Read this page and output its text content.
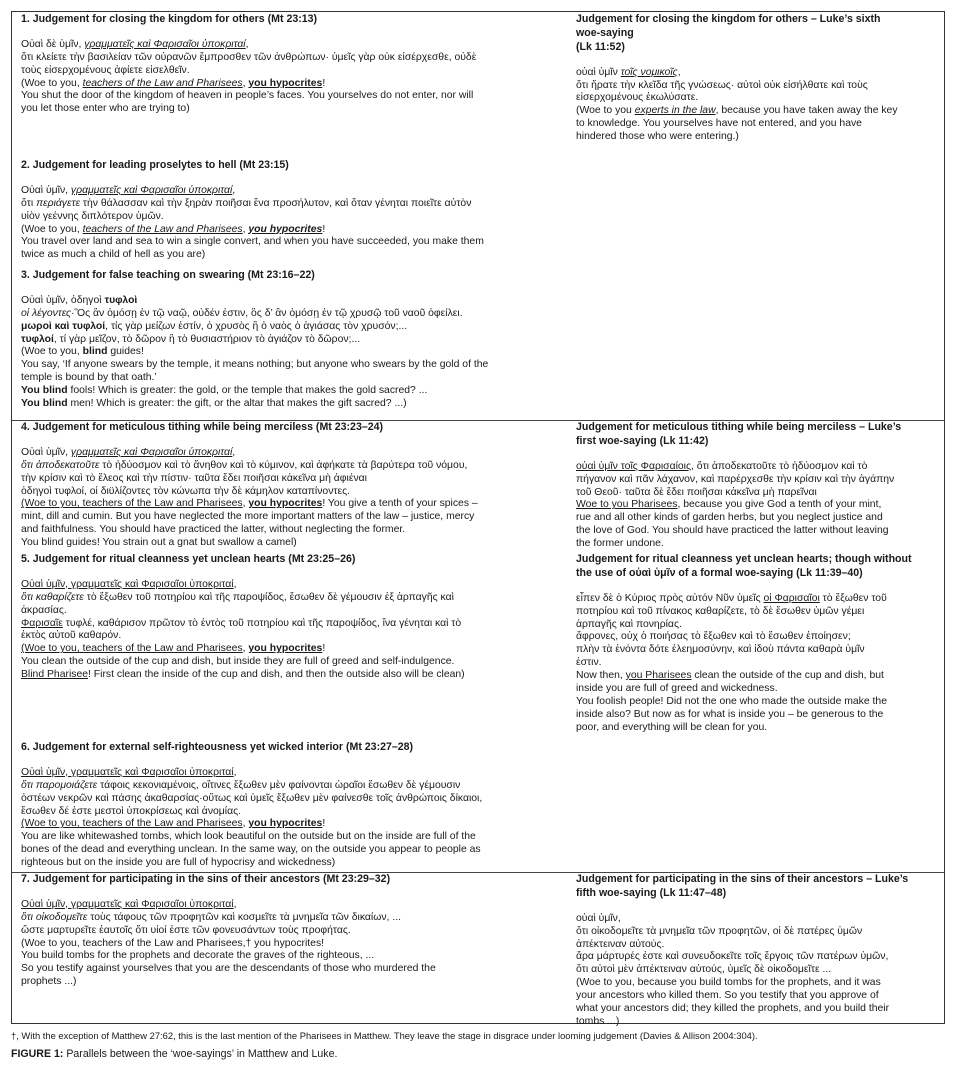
1. Judgement for closing the kingdom for others (Mt 23:13)

Οὐαὶ δὲ ὑμῖν, γραμματεῖς καὶ Φαρισαῖοι ὑποκριταί,

ὅτι κλείετε τὴν βασιλείαν τῶν οὐρανῶν ἔμπροσθεν τῶν ἀνθρώπων· ὑμεῖς γὰρ οὐκ εἰσέρχεσθε, οὐδὲ

τοὺς εἰσερχομένους ἀφίετε εἰσελθεῖν.

(Woe to you, teachers of the Law and Pharisees, you hypocrites!

You shut the door of the kingdom of heaven in people’s faces. You yourselves do not enter, nor will

you let those enter who are trying to)

Judgement for closing the kingdom for others – Luke’s sixth

woe-saying

(Lk 11:52)

οὐαὶ ὑμῖν τοῖς νομικοῖς,

ὅτι ἤρατε τὴν κλεῖδα τῆς γνώσεως· αὐτοὶ οὐκ εἰσήλθατε καὶ τοὺς

εἰσερχομένους ἐκωλύσατε.

(Woe to you experts in the law, because you have taken away the key

to knowledge. You yourselves have not entered, and you have

hindered those who were entering.)

2. Judgement for leading proselytes to hell (Mt 23:15)

Οὐαὶ ὑμῖν, γραμματεῖς καὶ Φαρισαῖοι ὑποκριταί,

ὅτι περιάγετε τὴν θάλασσαν καὶ τὴν ξηρὰν ποιῆσαι ἕνα προσήλυτον, καὶ ὅταν γένηται ποιεῖτε αὐτὸν

υἱὸν γεέννης διπλότερον ὑμῶν.

(Woe to you, teachers of the Law and Pharisees, you hypocrites!

You travel over land and sea to win a single convert, and when you have succeeded, you make them

twice as much a child of hell as you are)

3. Judgement for false teaching on swearing (Mt 23:16–22)

Οὐαὶ ὑμῖν, ὁδηγοὶ τυφλοὶ

οἱ λέγοντες·Ὃς ἂν ὀμόσῃ ἐν τῷ ναῷ, οὐδέν ἐστιν, ὃς δ’ ἂν ὀμόσῃ ἐν τῷ χρυσῷ τοῦ ναοῦ ὀφείλει.

μωροὶ καὶ τυφλοί, τίς γὰρ μείζων ἐστίν, ὁ χρυσὸς ἢ ὁ ναὸς ὁ ἁγιάσας τὸν χρυσόν;...

τυφλοί, τί γὰρ μεῖζον, τὸ δῶρον ἢ τὸ θυσιαστήριον τὸ ἁγιάζον τὸ δῶρον;...

(Woe to you, blind guides!

You say, ‘If anyone swears by the temple, it means nothing; but anyone who swears by the gold of the

temple is bound by that oath.’

You blind fools! Which is greater: the gold, or the temple that makes the gold sacred? ...

You blind men! Which is greater: the gift, or the altar that makes the gift sacred? ...)

4. Judgement for meticulous tithing while being merciless (Mt 23:23–24)

Οὐαὶ ὑμῖν, γραμματεῖς καὶ Φαρισαῖοι ὑποκριταί,

ὅτι ἀποδεκατοῦτε τὸ ἡδύοσμον καὶ τὸ ἄνηθον καὶ τὸ κύμινον, καὶ ἀφήκατε τὰ βαρύτερα τοῦ νόμου,

τὴν κρίσιν καὶ τὸ ἔλεος καὶ τὴν πίστιν· ταῦτα ἔδει ποιῆσαι κἀκεῖνα μὴ ἀφιέναι

ὁδηγοὶ τυφλοί, οἱ διϋλίζοντες τὸν κώνωπα τὴν δὲ κάμηλον καταπίνοντες.

(Woe to you, teachers of the Law and Pharisees, you hypocrites! You give a tenth of your spices –

mint, dill and cumin. But you have neglected the more important matters of the law – justice, mercy

and faithfulness. You should have practiced the latter, without neglecting the former.

You blind guides! You strain out a gnat but swallow a camel)

Judgement for meticulous tithing while being merciless – Luke’s

first woe-saying (Lk 11:42)

οὐαὶ ὑμῖν τοῖς Φαρισαίοις, ὅτι ἀποδεκατοῦτε τὸ ἡδύοσμον καὶ τὸ

πήγανον καὶ πᾶν λάχανον, καὶ παρέρχεσθε τὴν κρίσιν καὶ τὴν ἀγάπην

τοῦ Θεοῦ· ταῦτα δὲ ἔδει ποιῆσαι κἀκεῖνα μὴ παρεῖναι

Woe to you Pharisees, because you give God a tenth of your mint,

rue and all other kinds of garden herbs, but you neglect justice and

the love of God. You should have practiced the latter without leaving

the former undone.

5. Judgement for ritual cleanness yet unclean hearts (Mt 23:25–26)

Οὐαὶ ὑμῖν, γραμματεῖς καὶ Φαρισαῖοι ὑποκριταί,

ὅτι καθαρίζετε τὸ ἔξωθεν τοῦ ποτηρίου καὶ τῆς παροψίδος, ἔσωθεν δὲ γέμουσιν ἐξ ἁρπαγῆς καὶ

ἀκρασίας.

Φαρισαῖε τυφλέ, καθάρισον πρῶτον τὸ ἐντὸς τοῦ ποτηρίου καὶ τῆς παροψίδος, ἵνα γένηται καὶ τὸ

ἐκτὸς αὐτοῦ καθαρόν.

(Woe to you, teachers of the Law and Pharisees, you hypocrites!

You clean the outside of the cup and dish, but inside they are full of greed and self-indulgence.

Blind Pharisee! First clean the inside of the cup and dish, and then the outside also will be clean)

Judgement for ritual cleanness yet unclean hearts; though without

the use of οὐαὶ ὑμῖν of a formal woe-saying (Lk 11:39–40)

εἶπεν δὲ ὁ Κύριος πρὸς αὐτόν Νῦν ὑμεῖς οἱ Φαρισαῖοι τὸ ἔξωθεν τοῦ

ποτηρίου καὶ τοῦ πίνακος καθαρίζετε, τὸ δὲ ἔσωθεν ὑμῶν γέμει

ἁρπαγῆς καὶ πονηρίας.

ἄφρονες, οὐχ ὁ ποιήσας τὸ ἔξωθεν καὶ τὸ ἔσωθεν ἐποίησεν;

πλὴν τὰ ἐνόντα δότε ἐλεημοσύνην, καὶ ἰδοὺ πάντα καθαρὰ ὑμῖν

ἐστιν.

Now then, you Pharisees clean the outside of the cup and dish, but

inside you are full of greed and wickedness.

You foolish people! Did not the one who made the outside make the

inside also? But now as for what is inside you – be generous to the

poor, and everything will be clean for you.

6. Judgement for external self-righteousness yet wicked interior (Mt 23:27–28)

Οὐαὶ ὑμῖν, γραμματεῖς καὶ Φαρισαῖοι ὑποκριταί,

ὅτι παρομοιάζετε τάφοις κεκονιαμένοις, οἵτινες ἔξωθεν μὲν φαίνονται ὡραῖοι ἔσωθεν δὲ γέμουσιν

ὀστέων νεκρῶν καὶ πάσης ἀκαθαρσίας·οὕτως καὶ ὑμεῖς ἔξωθεν μὲν φαίνεσθε τοῖς ἀνθρώποις δίκαιοι,

ἔσωθεν δέ ἐστε μεστοὶ ὑποκρίσεως καὶ ἀνομίας.

(Woe to you, teachers of the Law and Pharisees, you hypocrites!

You are like whitewashed tombs, which look beautiful on the outside but on the inside are full of the

bones of the dead and everything unclean. In the same way, on the outside you appear to people as

righteous but on the inside you are full of hypocrisy and wickedness)

7. Judgement for participating in the sins of their ancestors (Mt 23:29–32)

Οὐαὶ ὑμῖν, γραμματεῖς καὶ Φαρισαῖοι ὑποκριταί,

ὅτι οἰκοδομεῖτε τοὺς τάφους τῶν προφητῶν καὶ κοσμεῖτε τὰ μνημεῖα τῶν δικαίων, ...

ὥστε μαρτυρεῖτε ἑαυτοῖς ὅτι υἱοί ἐστε τῶν φονευσάντων τοὺς προφήτας.

(Woe to you, teachers of the Law and Pharisees,† you hypocrites!

You build tombs for the prophets and decorate the graves of the righteous, ...

So you testify against yourselves that you are the descendants of those who murdered the

prophets ...)

Judgement for participating in the sins of their ancestors – Luke’s

fifth woe-saying (Lk 11:47–48)

οὐαὶ ὑμῖν,

ὅτι οἰκοδομεῖτε τὰ μνημεῖα τῶν προφητῶν, οἱ δὲ πατέρες ὑμῶν

ἀπέκτειναν αὐτούς.

ἄρα μάρτυρές ἐστε καὶ συνευδοκεῖτε τοῖς ἔργοις τῶν πατέρων ὑμῶν,

ὅτι αὐτοὶ μὲν ἀπέκτειναν αὐτούς, ὑμεῖς δὲ οἰκοδομεῖτε ...

(Woe to you, because you build tombs for the prophets, and it was

your ancestors who killed them. So you testify that you approve of

what your ancestors did; they killed the prophets, and you build their

tombs ...)

†, With the exception of Matthew 27:62, this is the last mention of the Pharisees in Matthew. They leave the stage in disgrace under looming judgement (Davies & Allison 2004:304).

FIGURE 1: Parallels between the ‘woe-sayings’ in Matthew and Luke.
